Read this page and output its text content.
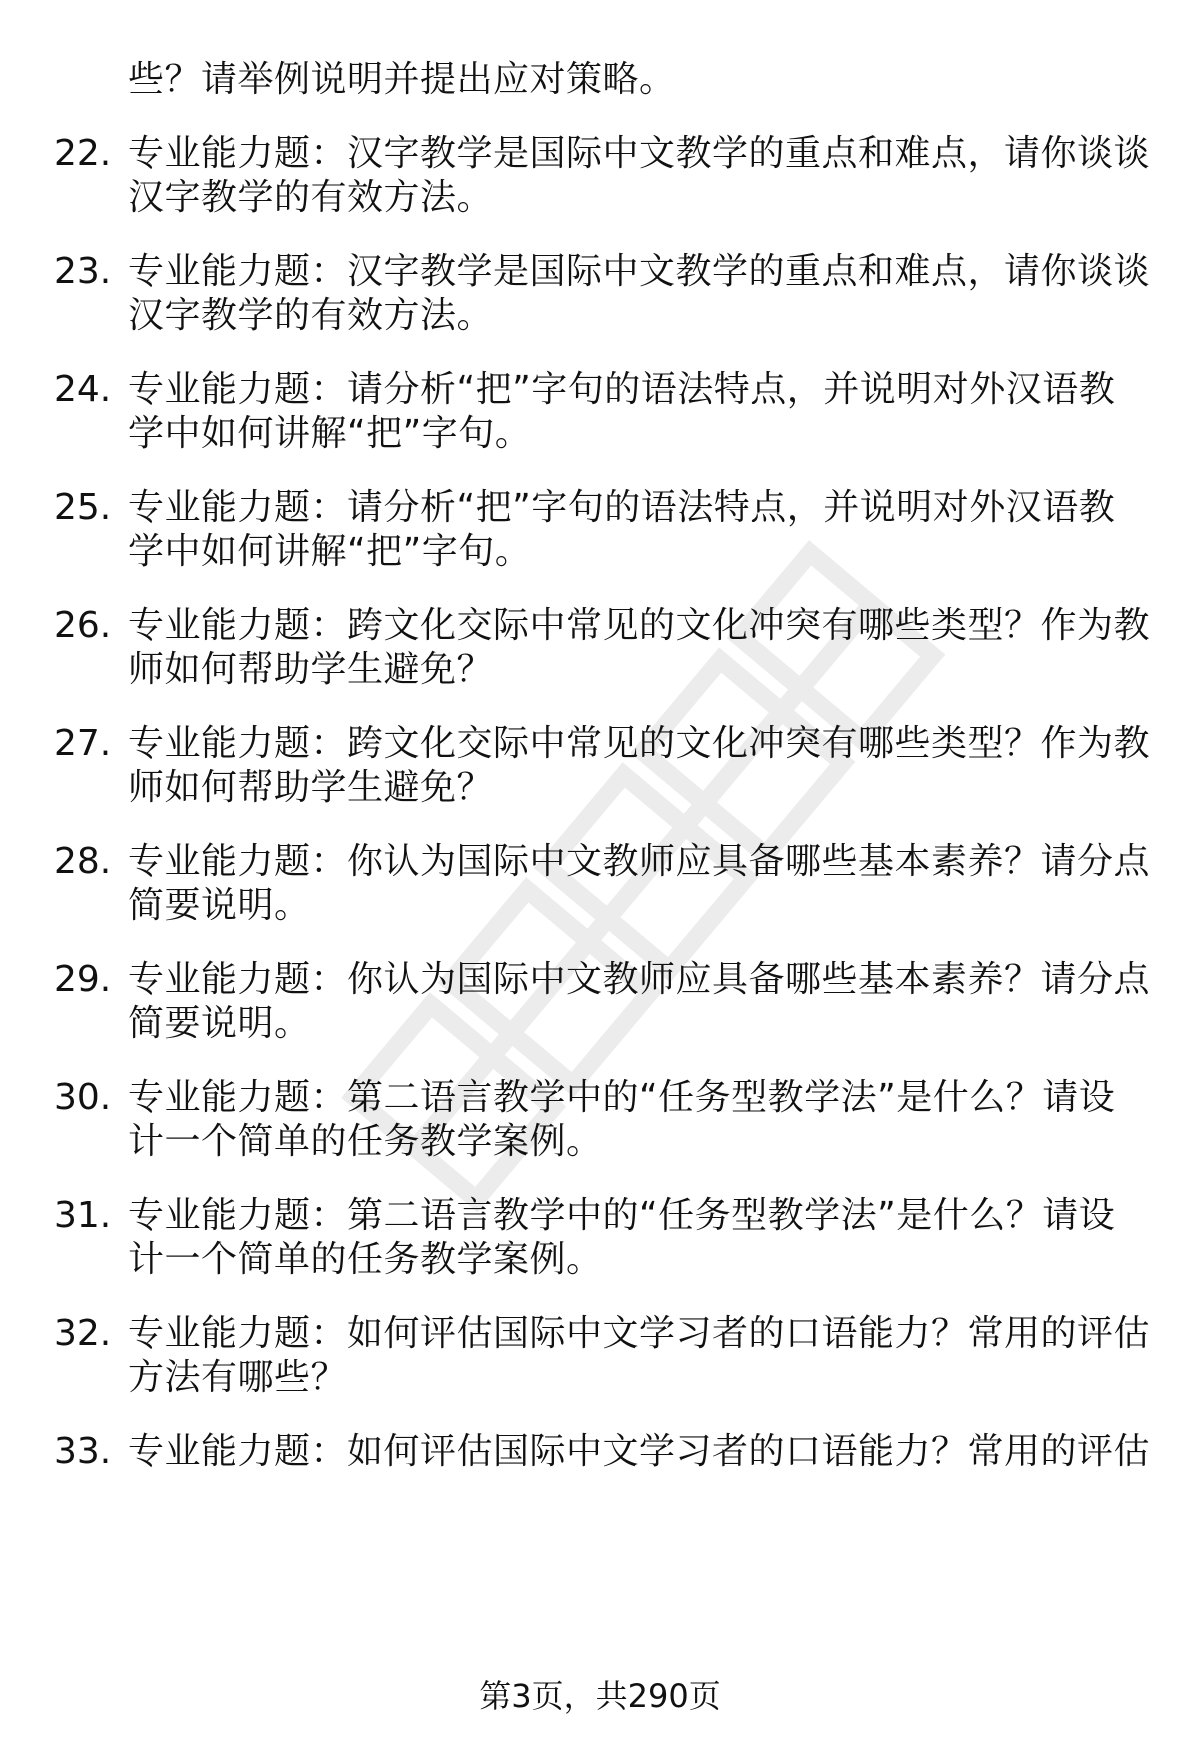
些？请举例说明并提出应对策略。
22. 专业能力题：汉字教学是国际中文教学的重点和难点，请你谈谈
汉字教学的有效方法。
23. 专业能力题：汉字教学是国际中文教学的重点和难点，请你谈谈
汉字教学的有效方法。
24. 专业能力题：请分析“把”字句的语法特点，并说明对外汉语教
学中如何讲解“把”字句。
25. 专业能力题：请分析“把”字句的语法特点，并说明对外汉语教
学中如何讲解“把”字句。
26. 专业能力题：跨文化交际中常见的文化冲突有哪些类型？作为教
师如何帮助学生避免？
27. 专业能力题：跨文化交际中常见的文化冲突有哪些类型？作为教
师如何帮助学生避免？
28. 专业能力题：你认为国际中文教师应具备哪些基本素养？请分点
简要说明。
29. 专业能力题：你认为国际中文教师应具备哪些基本素养？请分点
简要说明。
30. 专业能力题：第二语言教学中的“任务型教学法”是什么？请设
计一个简单的任务教学案例。
31. 专业能力题：第二语言教学中的“任务型教学法”是什么？请设
计一个简单的任务教学案例。
32. 专业能力题：如何评估国际中文学习者的口语能力？常用的评估
方法有哪些？
33. 专业能力题：如何评估国际中文学习者的口语能力？常用的评估
第3页，共290页
